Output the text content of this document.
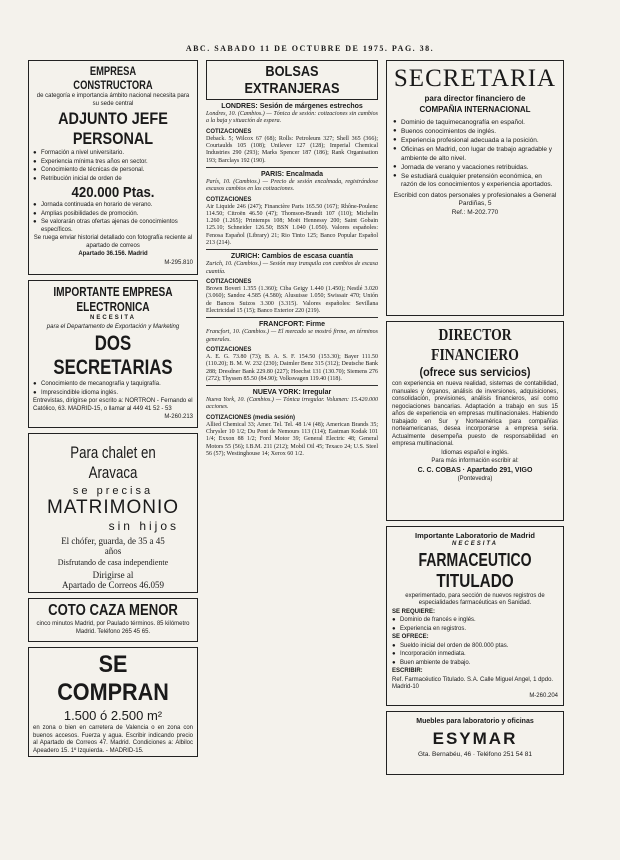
ABC. SABADO 11 DE OCTUBRE DE 1975. PAG. 38.
EMPRESA CONSTRUCTORA
de categoría e importancia ámbito nacional necesita para su sede central
ADJUNTO JEFE
PERSONAL
● Formación a nivel universitario.
● Experiencia mínima tres años en sector.
● Conocimiento de técnicas de personal.
● Retribución inicial de orden de
420.000 Ptas.
● Jornada continuada en horario de verano.
● Amplias posibilidades de promoción.
● Se valorarán otras ofertas ajenas de conocimientos específicos.
Se ruega enviar historial detallado con fotografía reciente al apartado de correos
Apartado 36.156. Madrid
M-295.810
IMPORTANTE EMPRESA
ELECTRONICA
NECESITA
para el Departamento de Exportación y Marketing
DOS SECRETARIAS
● Conocimiento de mecanografía y taquigrafía.
● Imprescindible idioma inglés.
Entrevistas, dirigirse por escrito a: NORTRON - Fernando el Católico, 63. MADRID-15, o llamar al 449 41 52 - 53
M-260.213
Para chalet en Aravaca
se precisa
MATRIMONIO
sin hijos
El chófer, guarda, de 35 a 45
años
Disfrutando de casa independiente
Dirigirse al
Apartado de Correos 46.059
COTO CAZA MENOR
cinco minutos Madrid, por Paulado términos. 85 kilómetro Madrid. Teléfono 265 45 65.
SE COMPRAN
1.500 ó 2.500 m²
en zona o bien en carretera de Valencia o en zona con buenos accesos. Fuerza y agua. Escribir indicando precio al Apartado de Correos 47. Madrid. Condiciones a: Albiloc Apeadero 15. 1º Izquierda. - MADRID-15.
BOLSAS EXTRANJERAS
LONDRES: Sesión de márgenes estrechos
Londres, 10. (Cambios.) — Tónica de sesión: cotizaciones sin cambios a la baja y situación de espera.
COTIZACIONES
Deback. 5; Wilcox 67 (68); Rolls: Petroleum 327; Shell 365 (366); Courtaulds 105 (108); Unilever 127 (128); Imperial Chemical Industries 290 (293); Marks Spencer 187 (186); Rank Organisation 193; Barclays 192 (190).
PARIS: Encalmada
París, 10. (Cambios.) — Precio de sesión encalmada, registrándose escasos cambios en las cotizaciones.
COTIZACIONES
Air Liquide 246 (247); Financière Paris 165.50 (167); Rhône-Poulenc 114.50; Citroën 46.50 (47); Thomson-Brandt 107 (110); Michelin 1.260 (1.265); Printemps 108; Moët Hennessy 200; Saint Gobain 125.10; Schneider 126.50; BSN 1.040 (1.050). Valores españoles: Fenosa Español (Library) 21; Rio Tinto 125; Banco Popular Español 213 (214).
ZURICH: Cambios de escasa cuantía
Zurich, 10. (Cambios.) — Sesión muy tranquila con cambios de escasa cuantía.
COTIZACIONES
Brown Boveri 1.355 (1.360); Ciba Geigy 1.440 (1.450); Nestlé 3.020 (3.060); Sandoz 4.585 (4.580); Alusuisse 1.050; Swissair 470; Unión de Bancos Suizos 3.300 (3.315). Valores españoles: Sevillana Electricidad 15 (15); Banco Exterior 220 (219).
FRANCFORT: Firme
Francfort, 10. (Cambios.) — El mercado se mostró firme, en términos generales.
COTIZACIONES
A. E. G. 73.80 (73); B. A. S. F. 154.50 (153.30); Bayer 111.50 (110.20); B. M. W. 232 (230); Daimler Benz 315 (312); Deutsche Bank 288; Dresdner Bank 229.80 (227); Hoechst 131 (130.70); Siemens 276 (272); Thyssen 85.50 (84.90); Volkswagen 119.40 (118).
NUEVA YORK: Irregular
Nueva York, 10. (Cambios.) — Tónica irregular. Volumen: 15.420.000 acciones.
COTIZACIONES (media sesión)
Allied Chemical 33; Amer. Tel. Tel. 48 1/4 (48); American Brands 35; Chrysler 10 1/2; Du Pont de Nemours 113 (114); Eastman Kodak 101 1/4; Exxon 88 1/2; Ford Motor 39; General Electric 48; General Motors 55 (56); I.B.M. 211 (212); Mobil Oil 45; Texaco 24; U.S. Steel 56 (57); Westinghouse 14; Xerox 60 1/2.
SECRETARIA
para director financiero de
COMPAÑIA INTERNACIONAL
● Dominio de taquimecanografía en español.
● Buenos conocimientos de inglés.
● Experiencia profesional adecuada a la posición.
● Oficinas en Madrid, con lugar de trabajo agradable y ambiente de alto nivel.
● Jornada de verano y vacaciones retribuidas.
● Se estudiará cualquier pretensión económica, en razón de los conocimientos y experiencia aportados.
Escribid con datos personales y profesionales a General Pardiñas, 5
Ref.: M-202.770
DIRECTOR FINANCIERO
(ofrece sus servicios)
con experiencia en nueva realidad, sistemas de contabilidad, manuales y órganos, análisis de inversiones, adquisiciones, consolidación, previsiones, análisis financieros, así como negociaciones bancarias. Adaptación a trabajo en sus 15 años de experiencia en empresas multinacionales. Habiendo trabajado en Sur y Norteamérica para compañías norteamericanas, desea incorporarse a empresa seria. Actualmente desempeña puesto de responsabilidad en empresa multinacional.
Idiomas español e inglés.
Para más información escribir al:
C. C. COBAS · Apartado 291, VIGO
(Pontevedra)
Importante Laboratorio de Madrid
NECESITA
FARMACEUTICO
TITULADO
experimentado, para sección de nuevos registros de especialidades farmacéuticas en Sanidad.
SE REQUIERE:
● Dominio de francés e inglés.
● Experiencia en registros.
SE OFRECE:
● Sueldo inicial del orden de 800.000 ptas.
● Incorporación inmediata.
● Buen ambiente de trabajo.
ESCRIBIR:
Ref. Farmacéutico Titulado. S.A. Calle Miguel Angel, 1 dpdo. Madrid-10
M-260.204
Muebles para laboratorio y oficinas
ESYMAR
Gta. Bernabéu, 46 · Teléfono 251 54 81
